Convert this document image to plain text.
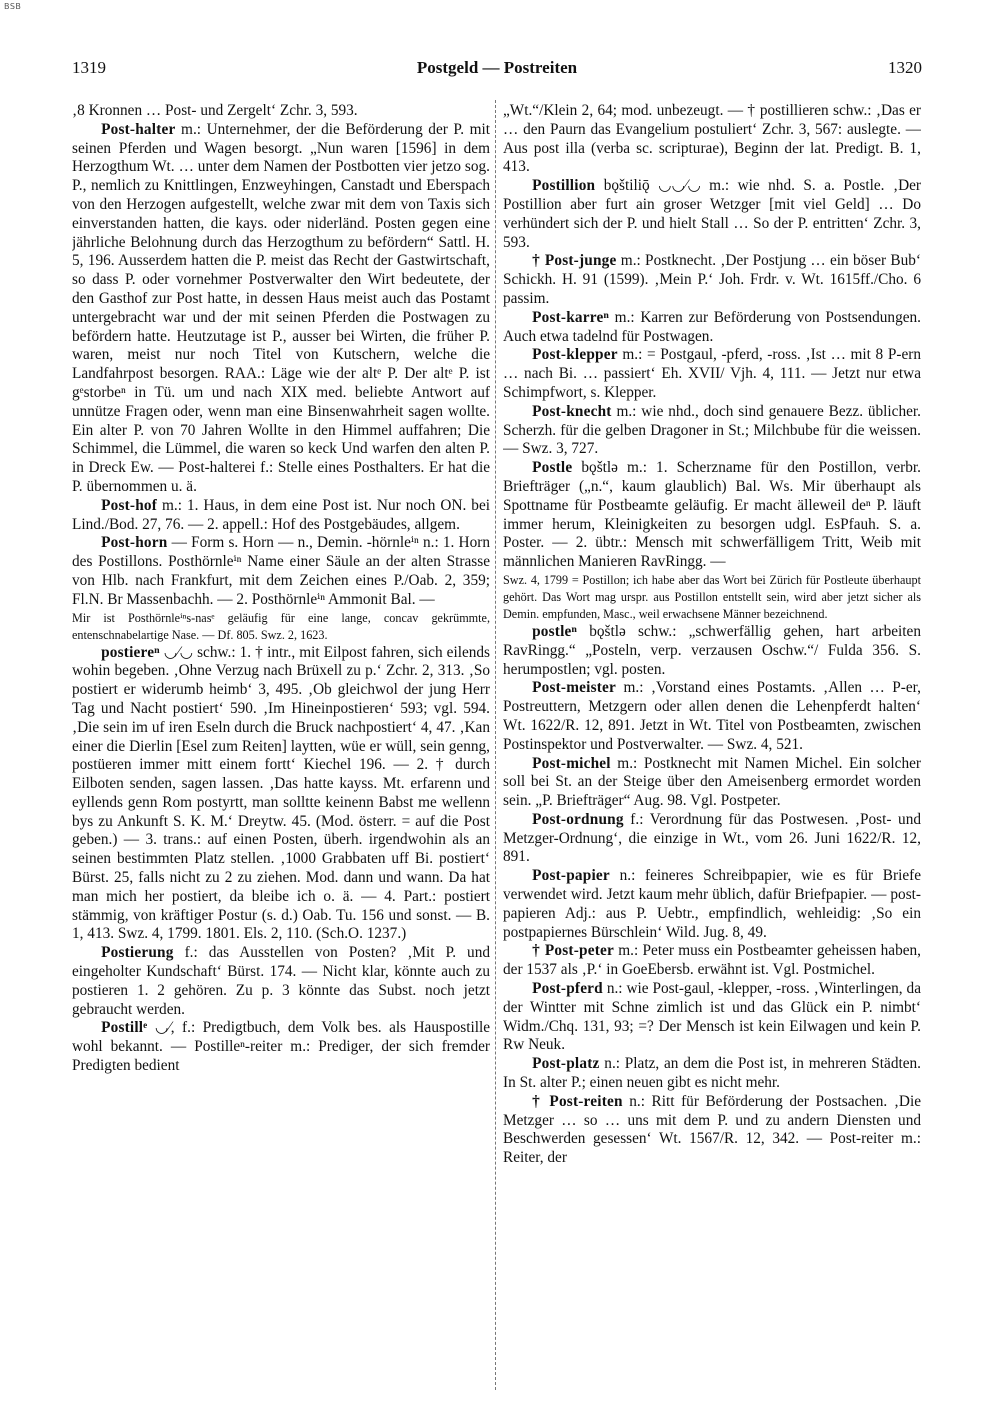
BSB
1319	Postgeld — Postreiten	1320

‚8 Kronnen … Post- und Zergelt‘ Zchr. 3, 593.

Post-halter m.: Unternehmer, der die Beförderung der P. mit seinen Pferden und Wagen besorgt. „Nun waren [1596] in dem Herzogthum Wt. … unter dem Namen der Postbotten vier jetzo sog. P., nemlich zu Knittlingen, Enzweyhingen, Canstadt und Eberspach von den Herzogen aufgestellt, welche zwar mit dem von Taxis sich einverstanden hatten, die kays. oder niderländ. Posten gegen eine jährliche Belohnung durch das Herzogthum zu befördern“ Sattl. H. 5, 196. Ausserdem hatten die P. meist das Recht der Gastwirtschaft, so dass P. oder vornehmer Postverwalter den Wirt bedeutete, der den Gasthof zur Post hatte, in dessen Haus meist auch das Postamt untergebracht war und der mit seinen Pferden die Postwagen zu befördern hatte. Heutzutage ist P., ausser bei Wirten, die früher P. waren, meist nur noch Titel von Kutschern, welche die Landfahrpost besorgen. RAA.: Läge wie der altᵉ P. Der altᵉ P. ist gᵉstorbeⁿ in Tü. um und nach XIX med. beliebte Antwort auf unnütze Fragen oder, wenn man eine Binsenwahrheit sagen wollte. Ein alter P. von 70 Jahren Wollte in den Himmel auffahren; Die Schimmel, die Lümmel, die waren so keck Und warfen den alten P. in Dreck Ew. — Post-halterei f.: Stelle eines Posthalters. Er hat die P. übernommen u. ä.

Post-hof m.: 1. Haus, in dem eine Post ist. Nur noch ON. bei Lind./Bod. 27, 76. — 2. appell.: Hof des Postgebäudes, allgem.

Post-horn — Form s. Horn — n., Demin. -hörnleⁱⁿ n.: 1. Horn des Postillons. Posthörnleⁱⁿ Name einer Säule an der alten Strasse von Hlb. nach Frankfurt, mit dem Zeichen eines P./Oab. 2, 359; Fl.N. Br Massenbachh. — 2. Posthörnleⁱⁿ Ammonit Bal. —

Mir ist Posthörnleⁱⁿs-nasᵉ geläufig für eine lange, concav gekrümmte, entenschnabelartige Nase. — Df. 805. Swz. 2, 1623.

postiereⁿ ◡⁄◡ schw.: 1. † intr., mit Eilpost fahren, sich eilends wohin begeben. ‚Ohne Verzug nach Brüxell zu p.‘ Zchr. 2, 313. ‚So postiert er widerumb heimb‘ 3, 495. ‚Ob gleichwol der jung Herr Tag und Nacht postiert‘ 590. ‚Im Hineinpostieren‘ 593; vgl. 594. ‚Die sein im uf iren Eseln durch die Bruck nachpostiert‘ 4, 47. ‚Kan einer die Dierlin [Esel zum Reiten] laytten, wüe er wüll, sein genng, postüeren immer mitt einem fortt‘ Kiechel 196. — 2. † durch Eilboten senden, sagen lassen. ‚Das hatte kayss. Mt. erfarenn und eyllends genn Rom postyrtt, man solltte keinenn Babst me wellenn bys zu Ankunft S. K. M.‘ Dreytw. 45. (Mod. österr. = auf die Post geben.) — 3. trans.: auf einen Posten, überh. irgendwohin als an seinen bestimmten Platz stellen. ‚1000 Grabbaten uff Bi. postiert‘ Bürst. 25, falls nicht zu 2 zu ziehen. Mod. dann und wann. Da hat man mich her postiert, da bleibe ich o. ä. — 4. Part.: postiert stämmig, von kräftiger Postur (s. d.) Oab. Tu. 156 und sonst. — B. 1, 413. Swz. 4, 1799. 1801. Els. 2, 110. (Sch.O. 1237.)

Postierung f.: das Ausstellen von Posten? ‚Mit P. und eingeholter Kundschaft‘ Bürst. 174. — Nicht klar, könnte auch zu postieren 1. 2 gehören. Zu p. 3 könnte das Subst. noch jetzt gebraucht werden.

Postillᵉ ◡⁄, f.: Predigtbuch, dem Volk bes. als Hauspostille wohl bekannt. — Postilleⁿ-reiter m.: Prediger, der sich fremder Predigten bedient

„Wt.“/Klein 2, 64; mod. unbezeugt. — † postillieren schw.: ‚Das er … den Paurn das Evangelium postuliert‘ Zchr. 3, 567: auslegte. — Aus post illa (verba sc. scripturae), Beginn der lat. Predigt. B. 1, 413.

Postillion bǫštiliǭ ◡◡⁄◡ m.: wie nhd. S. a. Postle. ‚Der Postillion aber furt ain groser Wetzger [mit viel Geld] … Do verhündert sich der P. und hielt Stall … So der P. entritten‘ Zchr. 3, 593.

† Post-junge m.: Postknecht. ‚Der Postjung … ein böser Bub‘ Schickh. H. 91 (1599). ‚Mein P.‘ Joh. Frdr. v. Wt. 1615ff./Cho. 6 passim.

Post-karreⁿ m.: Karren zur Beförderung von Postsendungen. Auch etwa tadelnd für Postwagen.

Post-klepper m.: = Postgaul, -pferd, -ross. ‚Ist … mit 8 P-ern … nach Bi. … passiert‘ Eh. XVII/ Vjh. 4, 111. — Jetzt nur etwa Schimpfwort, s. Klepper.

Post-knecht m.: wie nhd., doch sind genauere Bezz. üblicher. Scherzh. für die gelben Dragoner in St.; Milchbube für die weissen. — Swz. 3, 727.

Postle bǫštlə m.: 1. Scherzname für den Postillon, verbr. Briefträger („n.“, kaum glaublich) Bal. Ws. Mir überhaupt als Spottname für Postbeamte geläufig. Er macht älleweil deⁿ P. läuft immer herum, Kleinigkeiten zu besorgen udgl. EsPfauh. S. a. Poster. — 2. übtr.: Mensch mit schwerfälligem Tritt, Weib mit männlichen Manieren RavRingg. —

Swz. 4, 1799 = Postillon; ich habe aber das Wort bei Zürich für Postleute überhaupt gehört. Das Wort mag urspr. aus Postillon entstellt sein, wird aber jetzt sicher als Demin. empfunden, Masc., weil erwachsene Männer bezeichnend.

postleⁿ bǫštlə schw.: „schwerfällig gehen, hart arbeiten RavRingg.“ „Posteln, verp. verzausen Oschw.“/ Fulda 356. S. herumpostlen; vgl. posten.

Post-meister m.: ‚Vorstand eines Postamts. ‚Allen … P-er, Postreuttern, Metzgern oder allen denen die Lehenpferdt halten‘ Wt. 1622/R. 12, 891. Jetzt in Wt. Titel von Postbeamten, zwischen Postinspektor und Postverwalter. — Swz. 4, 521.

Post-michel m.: Postknecht mit Namen Michel. Ein solcher soll bei St. an der Steige über den Ameisenberg ermordet worden sein. „P. Briefträger“ Aug. 98. Vgl. Postpeter.

Post-ordnung f.: Verordnung für das Postwesen. ‚Post- und Metzger-Ordnung‘, die einzige in Wt., vom 26. Juni 1622/R. 12, 891.

Post-papier n.: feineres Schreibpapier, wie es für Briefe verwendet wird. Jetzt kaum mehr üblich, dafür Briefpapier. — post-papieren Adj.: aus P. Uebtr., empfindlich, wehleidig: ‚So ein postpapiernes Bürschlein‘ Wild. Jug. 8, 49.

† Post-peter m.: Peter muss ein Postbeamter geheissen haben, der 1537 als ‚P.‘ in GoeEbersb. erwähnt ist. Vgl. Postmichel.

Post-pferd n.: wie Post-gaul, -klepper, -ross. ‚Winterlingen, da der Wintter mit Schne zimlich ist und das Glück ein P. nimbt‘ Widm./Chq. 131, 93; =? Der Mensch ist kein Eilwagen und kein P. Rw Neuk.

Post-platz n.: Platz, an dem die Post ist, in mehreren Städten. In St. alter P.; einen neuen gibt es nicht mehr.

† Post-reiten n.: Ritt für Beförderung der Postsachen. ‚Die Metzger … so … uns mit dem P. und zu andern Diensten und Beschwerden gesessen‘ Wt. 1567/R. 12, 342. — Post-reiter m.: Reiter, der
